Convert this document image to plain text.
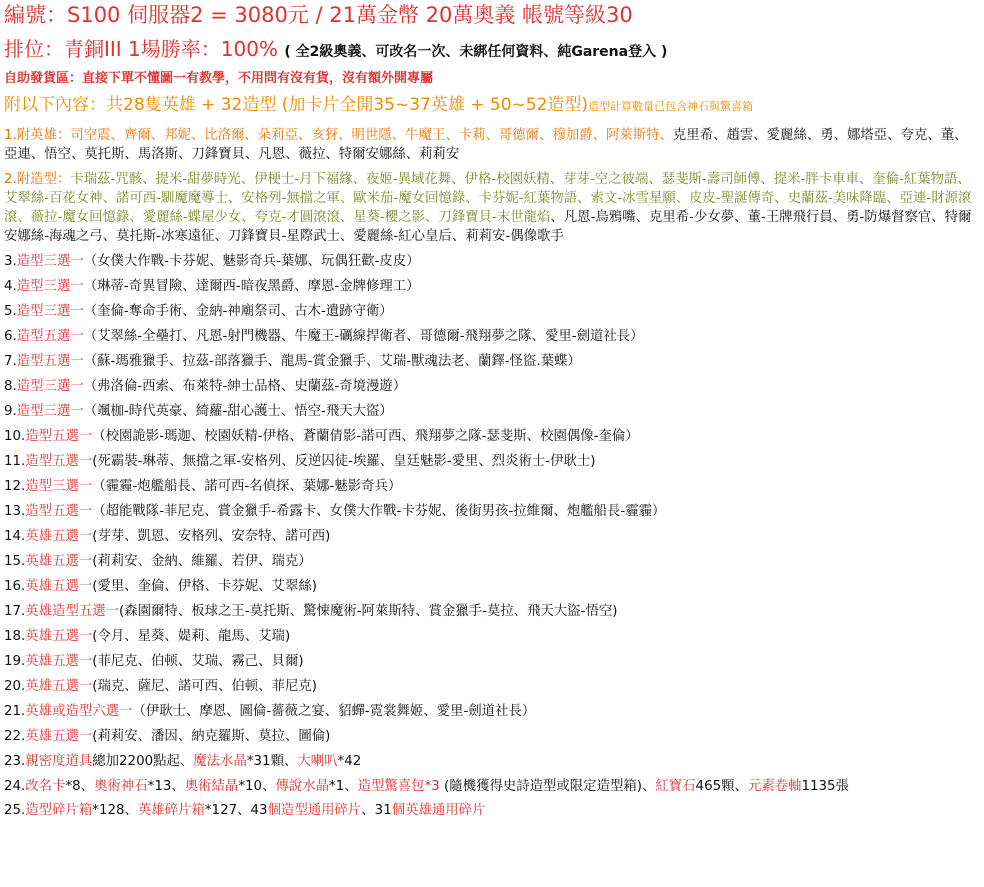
編號：S100 伺服器2 = 3080元 / 21萬金幣 20萬奧義 帳號等級30

排位：青銅III 1場勝率：100% ( 全2級奧義、可改名一次、未綁任何資料、純Garena登入 )

自助發貨區：直接下單不懂圖一有教學，不用問有沒有貨，沒有額外開專屬

附以下內容：共28隻英雄 + 32造型 (加卡片全開35~37英雄 + 50~52造型)造型計算數量已包含神石與驚喜箱

1.附英雄：司空震、齊爾、邦妮、比洛爾、朵莉亞、亥犽、明世隱、牛魔王、卡莉、哥德爾、穆加爵、阿萊斯特、克里希、趙雲、愛麗絲、勇、娜塔亞、夸克、董、亞連、悟空、莫托斯、馬洛斯、刀鋒寶貝、凡恩、薇拉、特爾安娜絲、莉莉安

2.附造型：卡瑞茲-咒骸、提米-甜夢時光、伊梗士-月下福緣、夜姬-異域花舞、伊格-校園妖精、芽芽-空之彼端、瑟斐斯-壽司師傅、提米-胖卡車車、奎倫-紅葉物語、艾翠絲-百花女神、諾可西-馴魔魔導士、安格列-無擋之軍、歐米茄-魔女回憶錄、卡芬妮-紅葉物語、索文-冰雪星願、皮皮-聖誕傳奇、史蘭茲-美味降臨、亞連-財源滾滾、薇拉-魔女回憶錄、愛麗絲-蝶屋少女、夸克-才圓滾滾、星葵-櫻之影、刀鋒寶貝-末世龍焰、凡恩-烏鴉嘴、克里希-少女夢、董-王牌飛行員、勇-防爆督察官、特爾安娜絲-海魂之弓、莫托斯-冰寒遠征、刀鋒寶貝-星際武士、愛麗絲-紅心皇后、莉莉安-偶像歌手

3.造型三選一（女僕大作戰-卡芬妮、魅影奇兵-葉娜、玩偶狂歡-皮皮）

4.造型三選一（琳蒂-奇異冒險、達爾西-暗夜黑爵、摩恩-金牌修理工）

5.造型三選一（奎倫-奪命手術、金納-神廟祭司、古木-遺跡守衛）

6.造型五選一（艾翠絲-全壘打、凡恩-射門機器、牛魔王-礪線捍衛者、哥德爾-飛翔夢之隊、愛里-劍道社長）

7.造型五選一（蘇-瑪雅獵手、拉茲-部落獵手、龍馬-賞金獵手、艾瑞-獸魂法老、蘭鐸-怪盜.葉蝶）

8.造型三選一（弗洛倫-西索、布萊特-紳士品格、史蘭茲-奇境漫遊）

9.造型三選一（颯枷-時代英豪、綺蘿-甜心護士、悟空-飛天大盜）

10.造型五選一（校園詭影-瑪迦、校園妖精-伊格、蒼蘭倩影-諾可西、飛翔夢之隊-瑟斐斯、校園偶像-奎倫）

11.造型五選一(死霸裝-琳蒂、無擋之軍-安格列、反逆囚徒-埃羅、皇廷魅影-愛里、烈炎術士-伊耿士)

12.造型三選一（霾霾-炮艦船長、諾可西-名偵探、葉娜-魅影奇兵）

13.造型五選一（超能戰隊-菲尼克、賞金獵手-希露卡、女僕大作戰-卡芬妮、後街男孩-拉維爾、炮艦船長-霾霾）

14.英雄五選一(芽芽、凱恩、安格列、安奈特、諾可西)

15.英雄五選一(莉莉安、金納、維羅、若伊、瑞克）

16.英雄五選一(愛里、奎倫、伊格、卡芬妮、艾翠絲)

17.英雄造型五選一(森園爾特、板球之王-莫托斯、驚悚魔術-阿萊斯特、賞金獵手-莫拉、飛天大盜-悟空)

18.英雄五選一(令月、星葵、媞莉、龍馬、艾瑞)

19.英雄五選一(菲尼克、伯顿、艾瑞、霧己、貝爾)

20.英雄五選一(瑞克、薩尼、諾可西、伯顿、菲尼克)

21.英雄或造型六選一（伊耿士、摩恩、圖倫-薔薇之宴、貂蟬-霓裳舞姬、愛里-劍道社長）

22.英雄五選一(莉莉安、潘因、納克羅斯、莫拉、圖倫)

23.親密度道具總加2200點起、魔法水晶*31顆、大喇叭*42

24.改名卡*8、奧術神石*13、奧術結晶*10、傳說水晶*1、造型驚喜包*3 (隨機獲得史詩造型或限定造型箱)、紅寶石465顆、元素卷軸1135張

25.造型碎片箱*128、英雄碎片箱*127、43個造型通用碎片、31個英雄通用碎片
